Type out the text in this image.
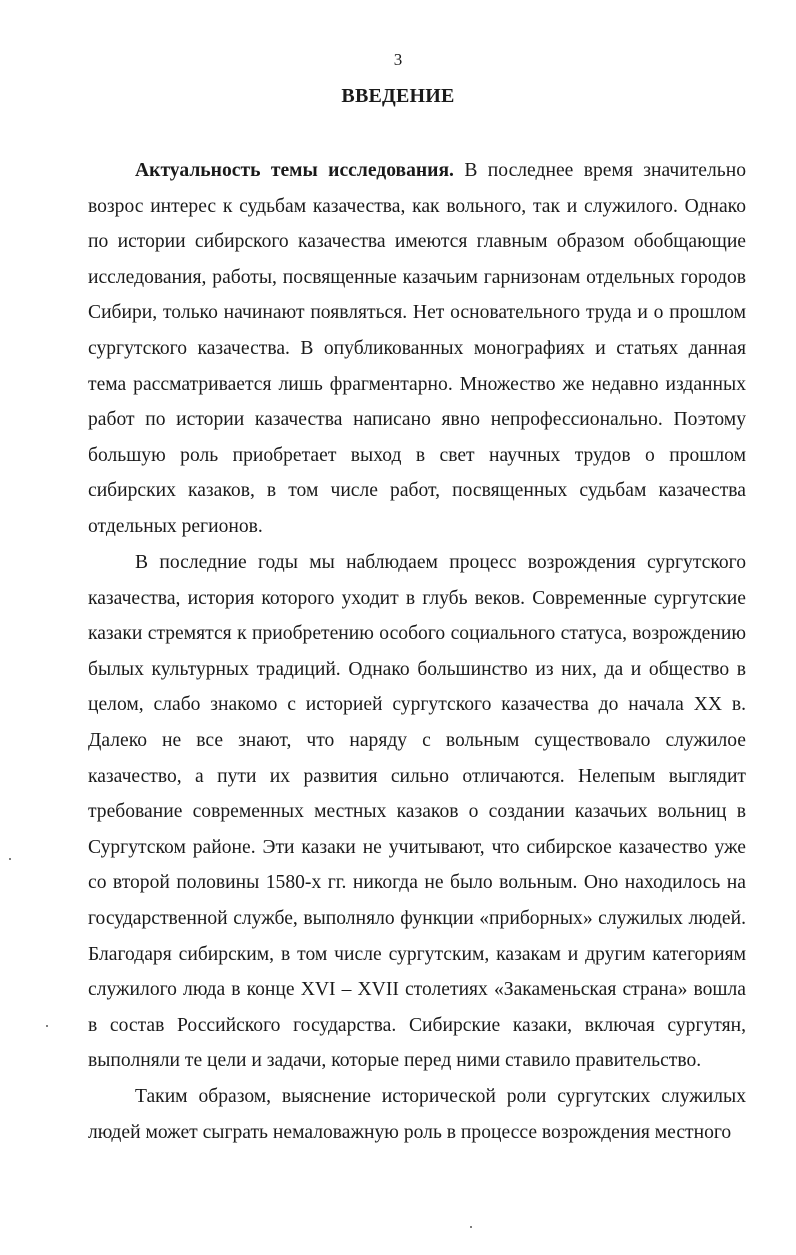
3
ВВЕДЕНИЕ

Актуальность темы исследования. В последнее время значительно возрос интерес к судьбам казачества, как вольного, так и служилого. Однако по истории сибирского казачества имеются главным образом обобщающие исследования, работы, посвященные казачьим гарнизонам отдельных городов Сибири, только начинают появляться. Нет основательного труда и о прошлом сургутского казачества. В опубликованных монографиях и статьях данная тема рассматривается лишь фрагментарно. Множество же недавно изданных работ по истории казачества написано явно непрофессионально. Поэтому большую роль приобретает выход в свет научных трудов о прошлом сибирских казаков, в том числе работ, посвященных судьбам казачества отдельных регионов.

В последние годы мы наблюдаем процесс возрождения сургутского казачества, история которого уходит в глубь веков. Современные сургутские казаки стремятся к приобретению особого социального статуса, возрождению былых культурных традиций. Однако большинство из них, да и общество в целом, слабо знакомо с историей сургутского казачества до начала XX в. Далеко не все знают, что наряду с вольным существовало служилое казачество, а пути их развития сильно отличаются. Нелепым выглядит требование современных местных казаков о создании казачьих вольниц в Сургутском районе. Эти казаки не учитывают, что сибирское казачество уже со второй половины 1580-х гг. никогда не было вольным. Оно находилось на государственной службе, выполняло функции «приборных» служилых людей. Благодаря сибирским, в том числе сургутским, казакам и другим категориям служилого люда в конце XVI – XVII столетиях «Закаменьская страна» вошла в состав Российского государства. Сибирские казаки, включая сургутян, выполняли те цели и задачи, которые перед ними ставило правительство.

Таким образом, выяснение исторической роли сургутских служилых людей может сыграть немаловажную роль в процессе возрождения местного
